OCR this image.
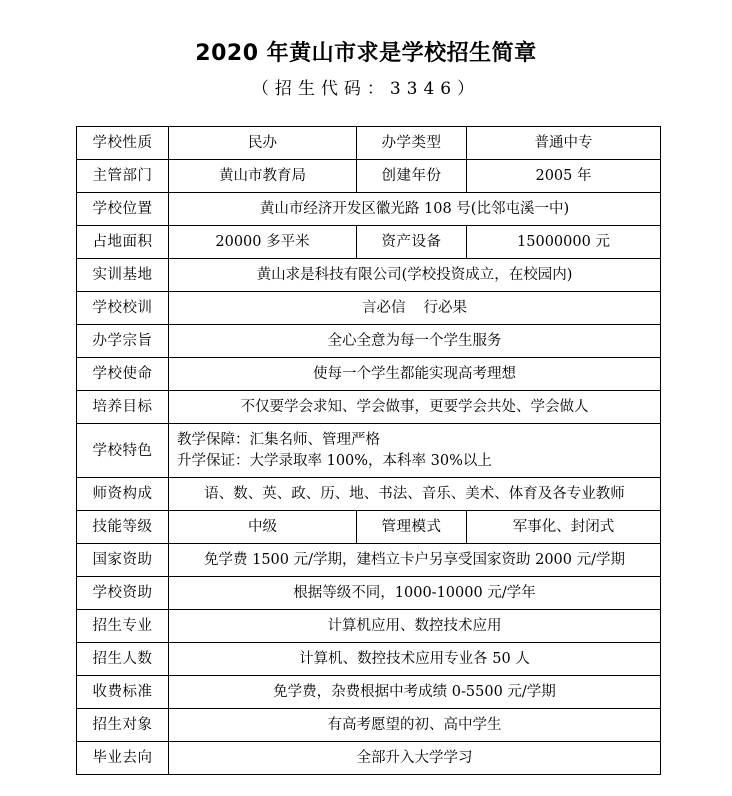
2020 年黄山市求是学校招生简章
（招生代码：3346）
学校性质	民办	办学类型	普通中专
主管部门	黄山市教育局	创建年份	2005 年
学校位置	黄山市经济开发区徽光路 108 号(比邻屯溪一中)		
占地面积	20000 多平米	资产设备	15000000 元
实训基地	黄山求是科技有限公司(学校投资成立，在校园内)		
学校校训	言必信 行必果		
办学宗旨	全心全意为每一个学生服务		
学校使命	使每一个学生都能实现高考理想		
培养目标	不仅要学会求知、学会做事，更要学会共处、学会做人		
学校特色	教学保障：汇集名师、管理严格
升学保证：大学录取率 100%，本科率 30%以上		

师资构成	语、数、英、政、历、地、书法、音乐、美术、体育及各专业教师		
技能等级	中级	管理模式	军事化、封闭式
国家资助	免学费 1500 元/学期，建档立卡户另享受国家资助 2000 元/学期		
学校资助	根据等级不同，1000-10000 元/学年		
招生专业	计算机应用、数控技术应用		
招生人数	计算机、数控技术应用专业各 50 人		
收费标准	免学费，杂费根据中考成绩 0-5500 元/学期		
招生对象	有高考愿望的初、高中学生		
毕业去向	全部升入大学学习		
